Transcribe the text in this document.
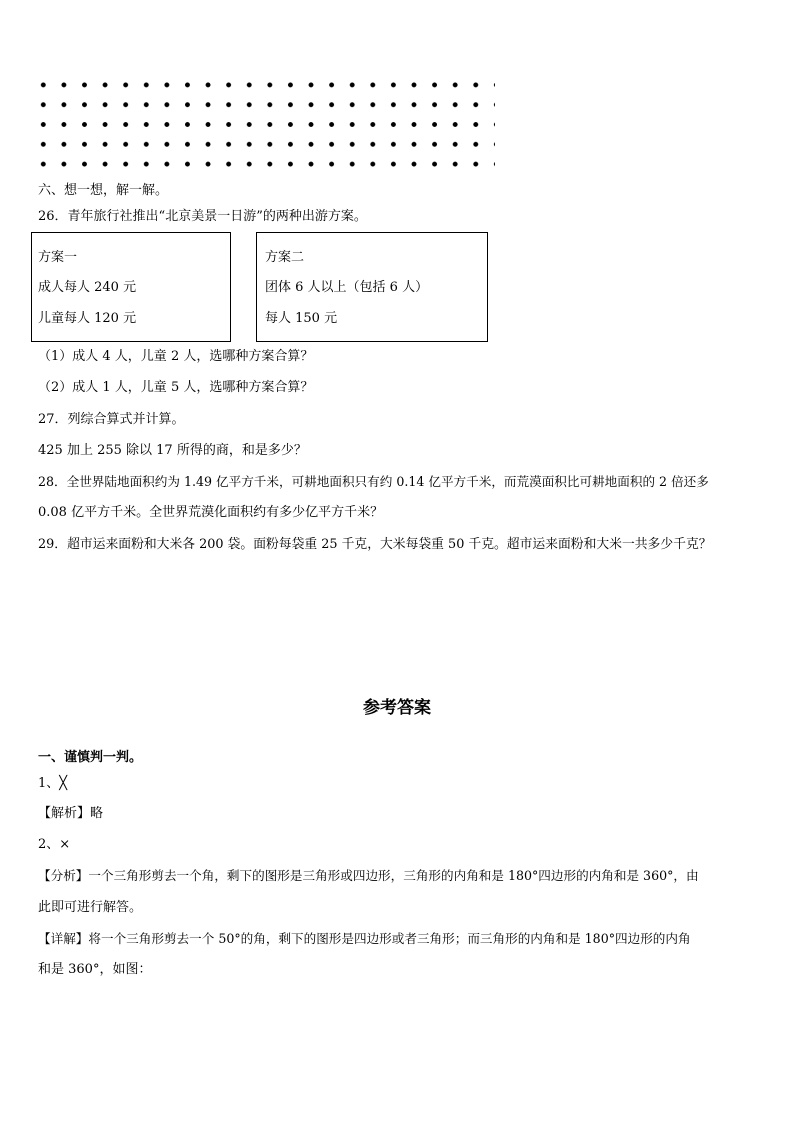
六、想一想，解一解。
26．青年旅行社推出“北京美景一日游”的两种出游方案。
方案一
成人每人 240 元
儿童每人 120 元
方案二
团体 6 人以上（包括 6 人）
每人 150 元
（1）成人 4 人，儿童 2 人，选哪种方案合算？
（2）成人 1 人，儿童 5 人，选哪种方案合算？
27．列综合算式并计算。
425 加上 255 除以 17 所得的商，和是多少？
28．全世界陆地面积约为 1.49 亿平方千米，可耕地面积只有约 0.14 亿平方千米，而荒漠面积比可耕地面积的 2 倍还多
0.08 亿平方千米。全世界荒漠化面积约有多少亿平方千米？
29．超市运来面粉和大米各 200 袋。面粉每袋重 25 千克，大米每袋重 50 千克。超市运来面粉和大米一共多少千克？
参考答案
一、谨慎判一判。
1、╳
【解析】略
2、×
【分析】一个三角形剪去一个角，剩下的图形是三角形或四边形，三角形的内角和是 180°四边形的内角和是 360°，由
此即可进行解答。
【详解】将一个三角形剪去一个 50°的角，剩下的图形是四边形或者三角形；而三角形的内角和是 180°四边形的内角
和是 360°，如图：
